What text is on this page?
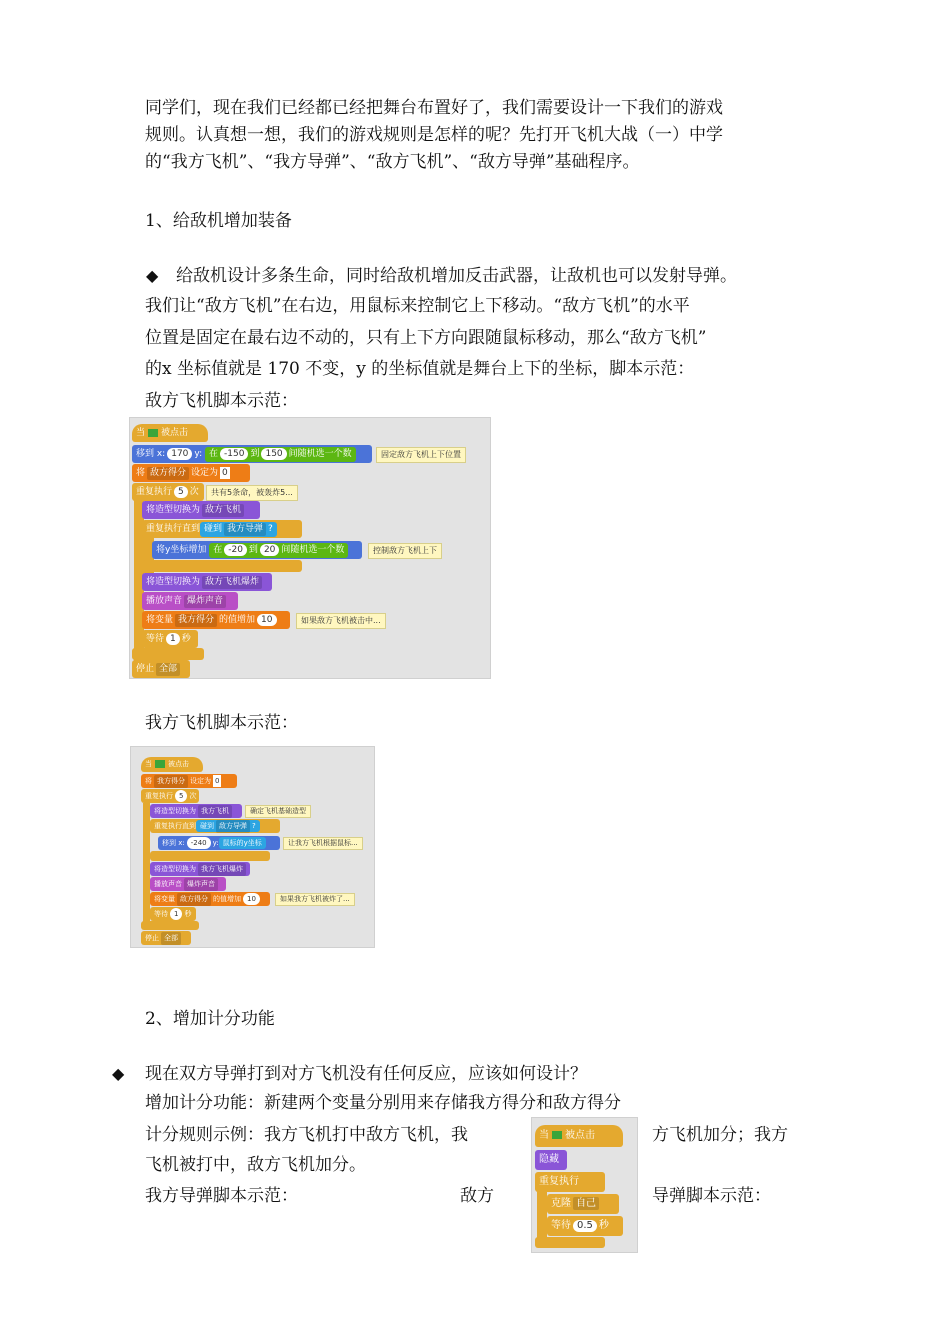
同学们，现在我们已经都已经把舞台布置好了，我们需要设计一下我们的游戏
规则。认真想一想，我们的游戏规则是怎样的呢？先打开飞机大战（一）中学
的“我方飞机”、“我方导弹”、“敌方飞机”、“敌方导弹”基础程序。
1、给敌机增加装备
◆ 给敌机设计多条生命，同时给敌机增加反击武器，让敌机也可以发射导弹。
我们让“敌方飞机”在右边，用鼠标来控制它上下移动。“敌方飞机”的水平
位置是固定在最右边不动的，只有上下方向跟随鼠标移动，那么“敌方飞机”
的x 坐标值就是 170 不变，y 的坐标值就是舞台上下的坐标，脚本示范：
敌方飞机脚本示范：
当 被点击
移到 x: 170 y: 在 -150 到 150 间随机选一个数	固定敌方飞机上下位置
将 敌方得分 设定为 0
重复执行 5 次	共有5条命，被轰炸5...
将造型切换为 敌方飞机
重复执行直到 碰到 我方导弹 ?
将y坐标增加 在 -20 到 20 间随机选一个数	控制敌方飞机上下
将造型切换为 敌方飞机爆炸
播放声音 爆炸声音
将变量 我方得分 的值增加 10	如果敌方飞机被击中...
等待 1 秒
停止 全部
我方飞机脚本示范：
当 被点击
将 我方得分 设定为 0
重复执行 5 次
将造型切换为 我方飞机	确定飞机基础造型
重复执行直到 碰到 敌方导弹 ?
移到 x: -240 y: 鼠标的y坐标	让我方飞机根据鼠标...
将造型切换为 我方飞机爆炸
播放声音 爆炸声音
将变量 敌方得分 的值增加 10	如果我方飞机被炸了...
等待 1 秒
停止 全部
2、增加计分功能
◆ 现在双方导弹打到对方飞机没有任何反应，应该如何设计？
增加计分功能：新建两个变量分别用来存储我方得分和敌方得分
计分规则示例：我方飞机打中敌方飞机，我	方飞机加分；我方
飞机被打中，敌方飞机加分。
我方导弹脚本示范：	敌方	导弹脚本示范：
当 被点击
隐藏
重复执行
克隆 自己
等待 0.5 秒
